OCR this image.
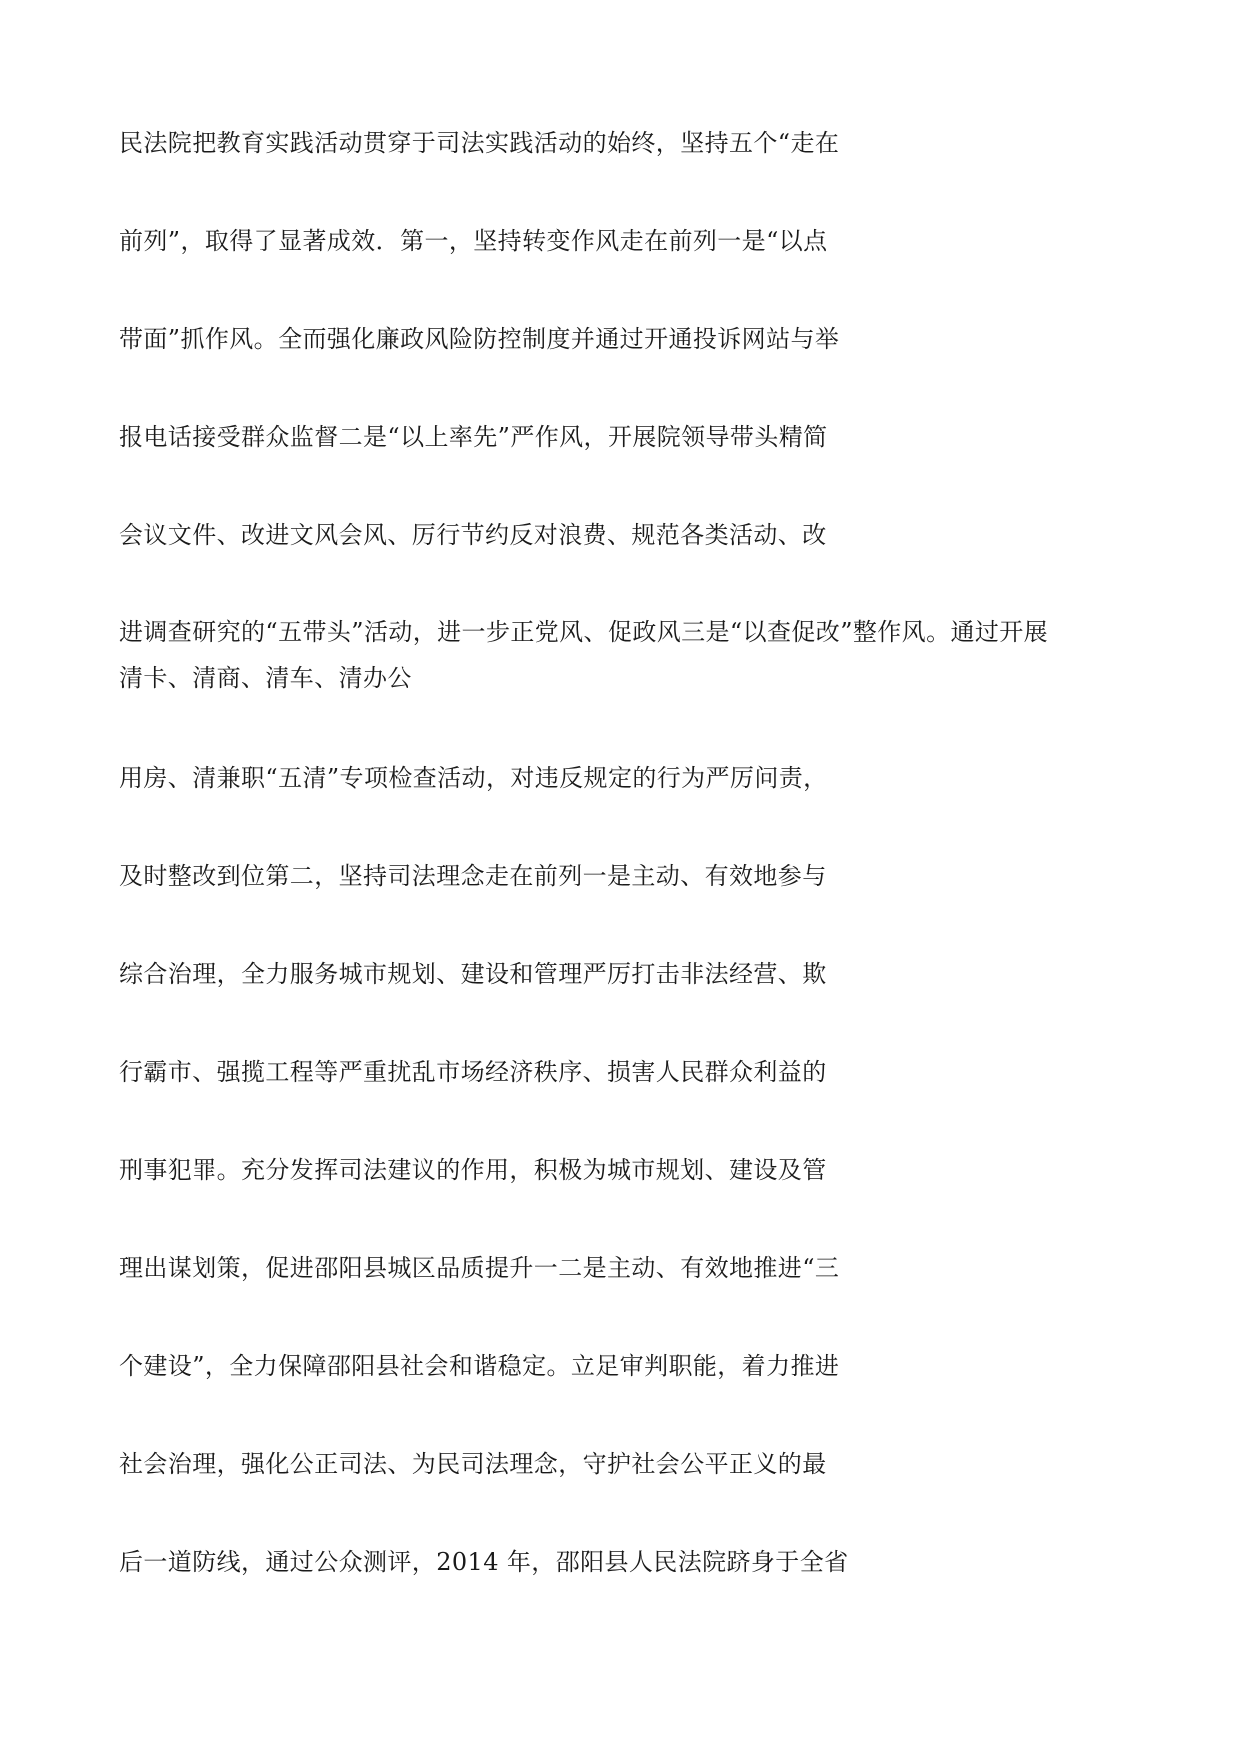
民法院把教育实践活动贯穿于司法实践活动的始终，坚持五个“走在
前列”，取得了显著成效．第一，坚持转变作风走在前列一是“以点
带面”抓作风。全而强化廉政风险防控制度并通过开通投诉网站与举
报电话接受群众监督二是“以上率先”严作风，开展院领导带头精简
会议文件、改进文风会风、厉行节约反对浪费、规范各类活动、改
进调查研究的“五带头”活动，进一步正党风、促政风三是“以查促改”整作风。通过开展
清卡、清商、清车、清办公
用房、清兼职“五清”专项检查活动，对违反规定的行为严厉问责，
及时整改到位第二，坚持司法理念走在前列一是主动、有效地参与
综合治理，全力服务城市规划、建设和管理严厉打击非法经营、欺
行霸市、强揽工程等严重扰乱市场经济秩序、损害人民群众利益的
刑事犯罪。充分发挥司法建议的作用，积极为城市规划、建设及管
理出谋划策，促进邵阳县城区品质提升一二是主动、有效地推进“三
个建设”，全力保障邵阳县社会和谐稳定。立足审判职能，着力推进
社会治理，强化公正司法、为民司法理念，守护社会公平正义的最
后一道防线，通过公众测评，2014 年，邵阳县人民法院跻身于全省
